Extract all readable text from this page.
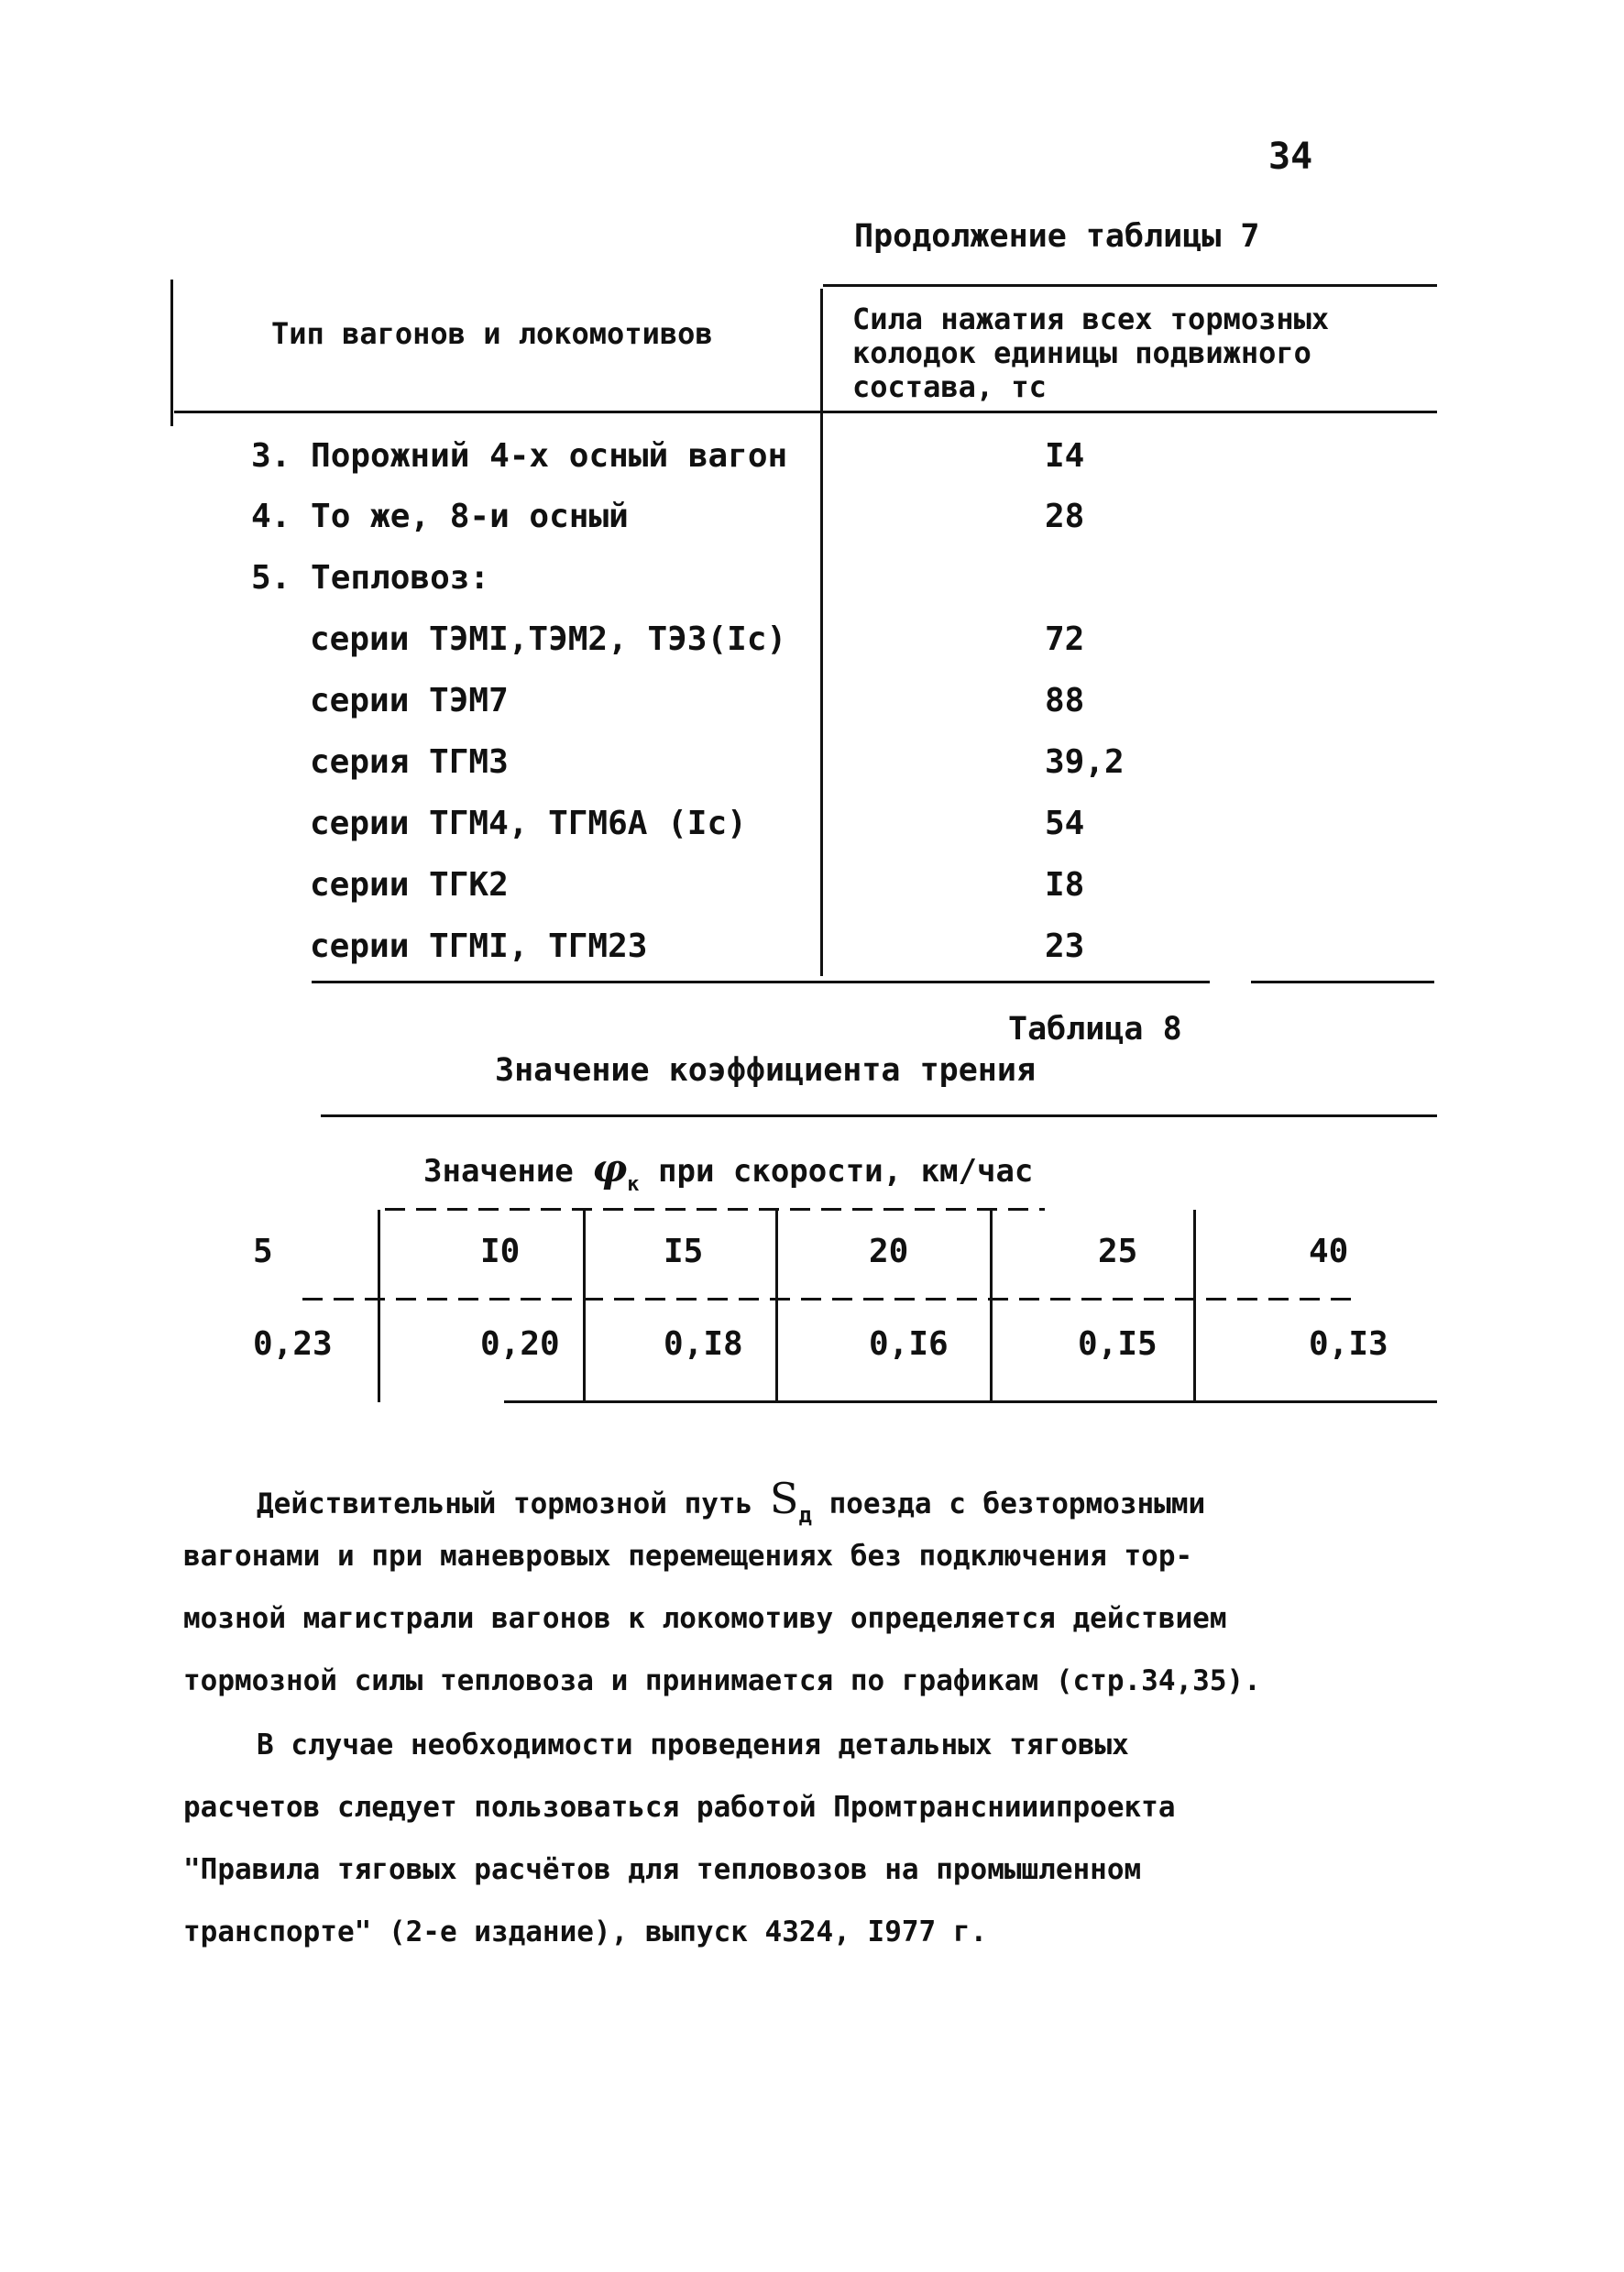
34
Продолжение таблицы 7
Тип вагонов и локомотивов	Сила нажатия всех тормозных колодок единицы подвижного состава, тс
3. Порожний 4-х осный вагон	I4
4. То же, 8-и осный	28
5. Тепловоз:
серии ТЭМI,ТЭМ2, ТЭ3(Iс)	72
серии ТЭМ7	88
серия ТГМ3	39,2
серии ТГМ4, ТГМ6А (Iс)	54
серии ТГК2	I8
серии ТГМI, ТГМ23	23
Таблица 8
Значение коэффициента трения
Значение $\varphi_к$ при скорости, км/час
5	I0	I5	20	25	40
0,23	0,20	0,I8	0,I6	0,I5	0,I3
Действительный тормозной путь $S_д$ поезда с безтормозными
вагонами и при маневровых перемещениях без подключения тор-
мозной магистрали вагонов к локомотиву определяется действием
тормозной силы тепловоза и принимается по графикам (стр.34,35).
В случае необходимости проведения детальных тяговых
расчетов следует пользоваться работой Промтранснииипроекта
"Правила тяговых расчётов для тепловозов на промышленном
транспорте" (2-е издание), выпуск 4324, I977 г.
